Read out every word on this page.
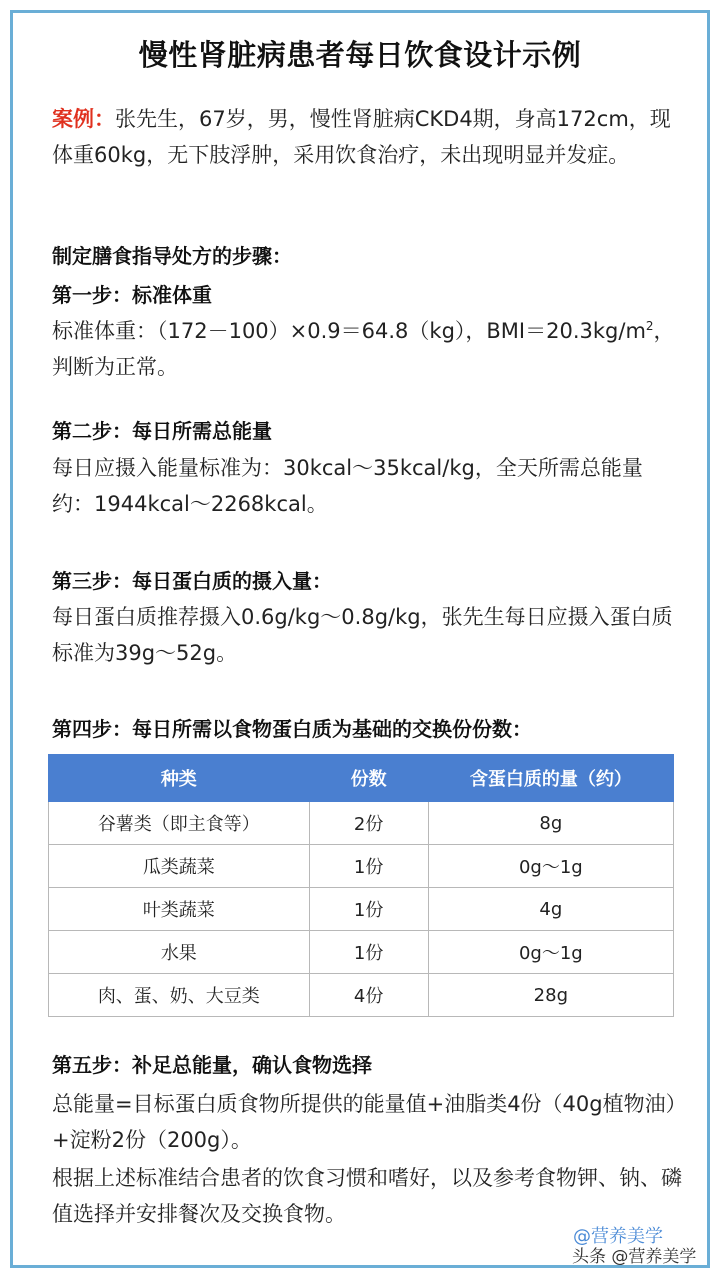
慢性肾脏病患者每日饮食设计示例
案例：张先生，67岁，男，慢性肾脏病CKD4期，身高172cm，现体重60kg，无下肢浮肿，采用饮食治疗，未出现明显并发症。
制定膳食指导处方的步骤：
第一步：标准体重
标准体重：（172－100）×0.9＝64.8（kg），$BMI=20.3kg/m^2$，判断为正常。
第二步：每日所需总能量
每日应摄入能量标准为：30kcal～35kcal/kg，全天所需总能量约：1944kcal～2268kcal。
第三步：每日蛋白质的摄入量：
每日蛋白质推荐摄入0.6g/kg～0.8g/kg，张先生每日应摄入蛋白质标准为39g～52g。
第四步：每日所需以食物蛋白质为基础的交换份份数：
种类	份数	含蛋白质的量（约）
谷薯类（即主食等）	2份	8g
瓜类蔬菜	1份	0g～1g
叶类蔬菜	1份	4g
水果	1份	0g～1g
肉、蛋、奶、大豆类	4份	28g
第五步：补足总能量，确认食物选择
总能量=目标蛋白质食物所提供的能量值+油脂类4份（40g植物油）+淀粉2份（200g）。
根据上述标准结合患者的饮食习惯和嗜好，以及参考食物钾、钠、磷值选择并安排餐次及交换食物。
@营养美学
头条 @营养美学
